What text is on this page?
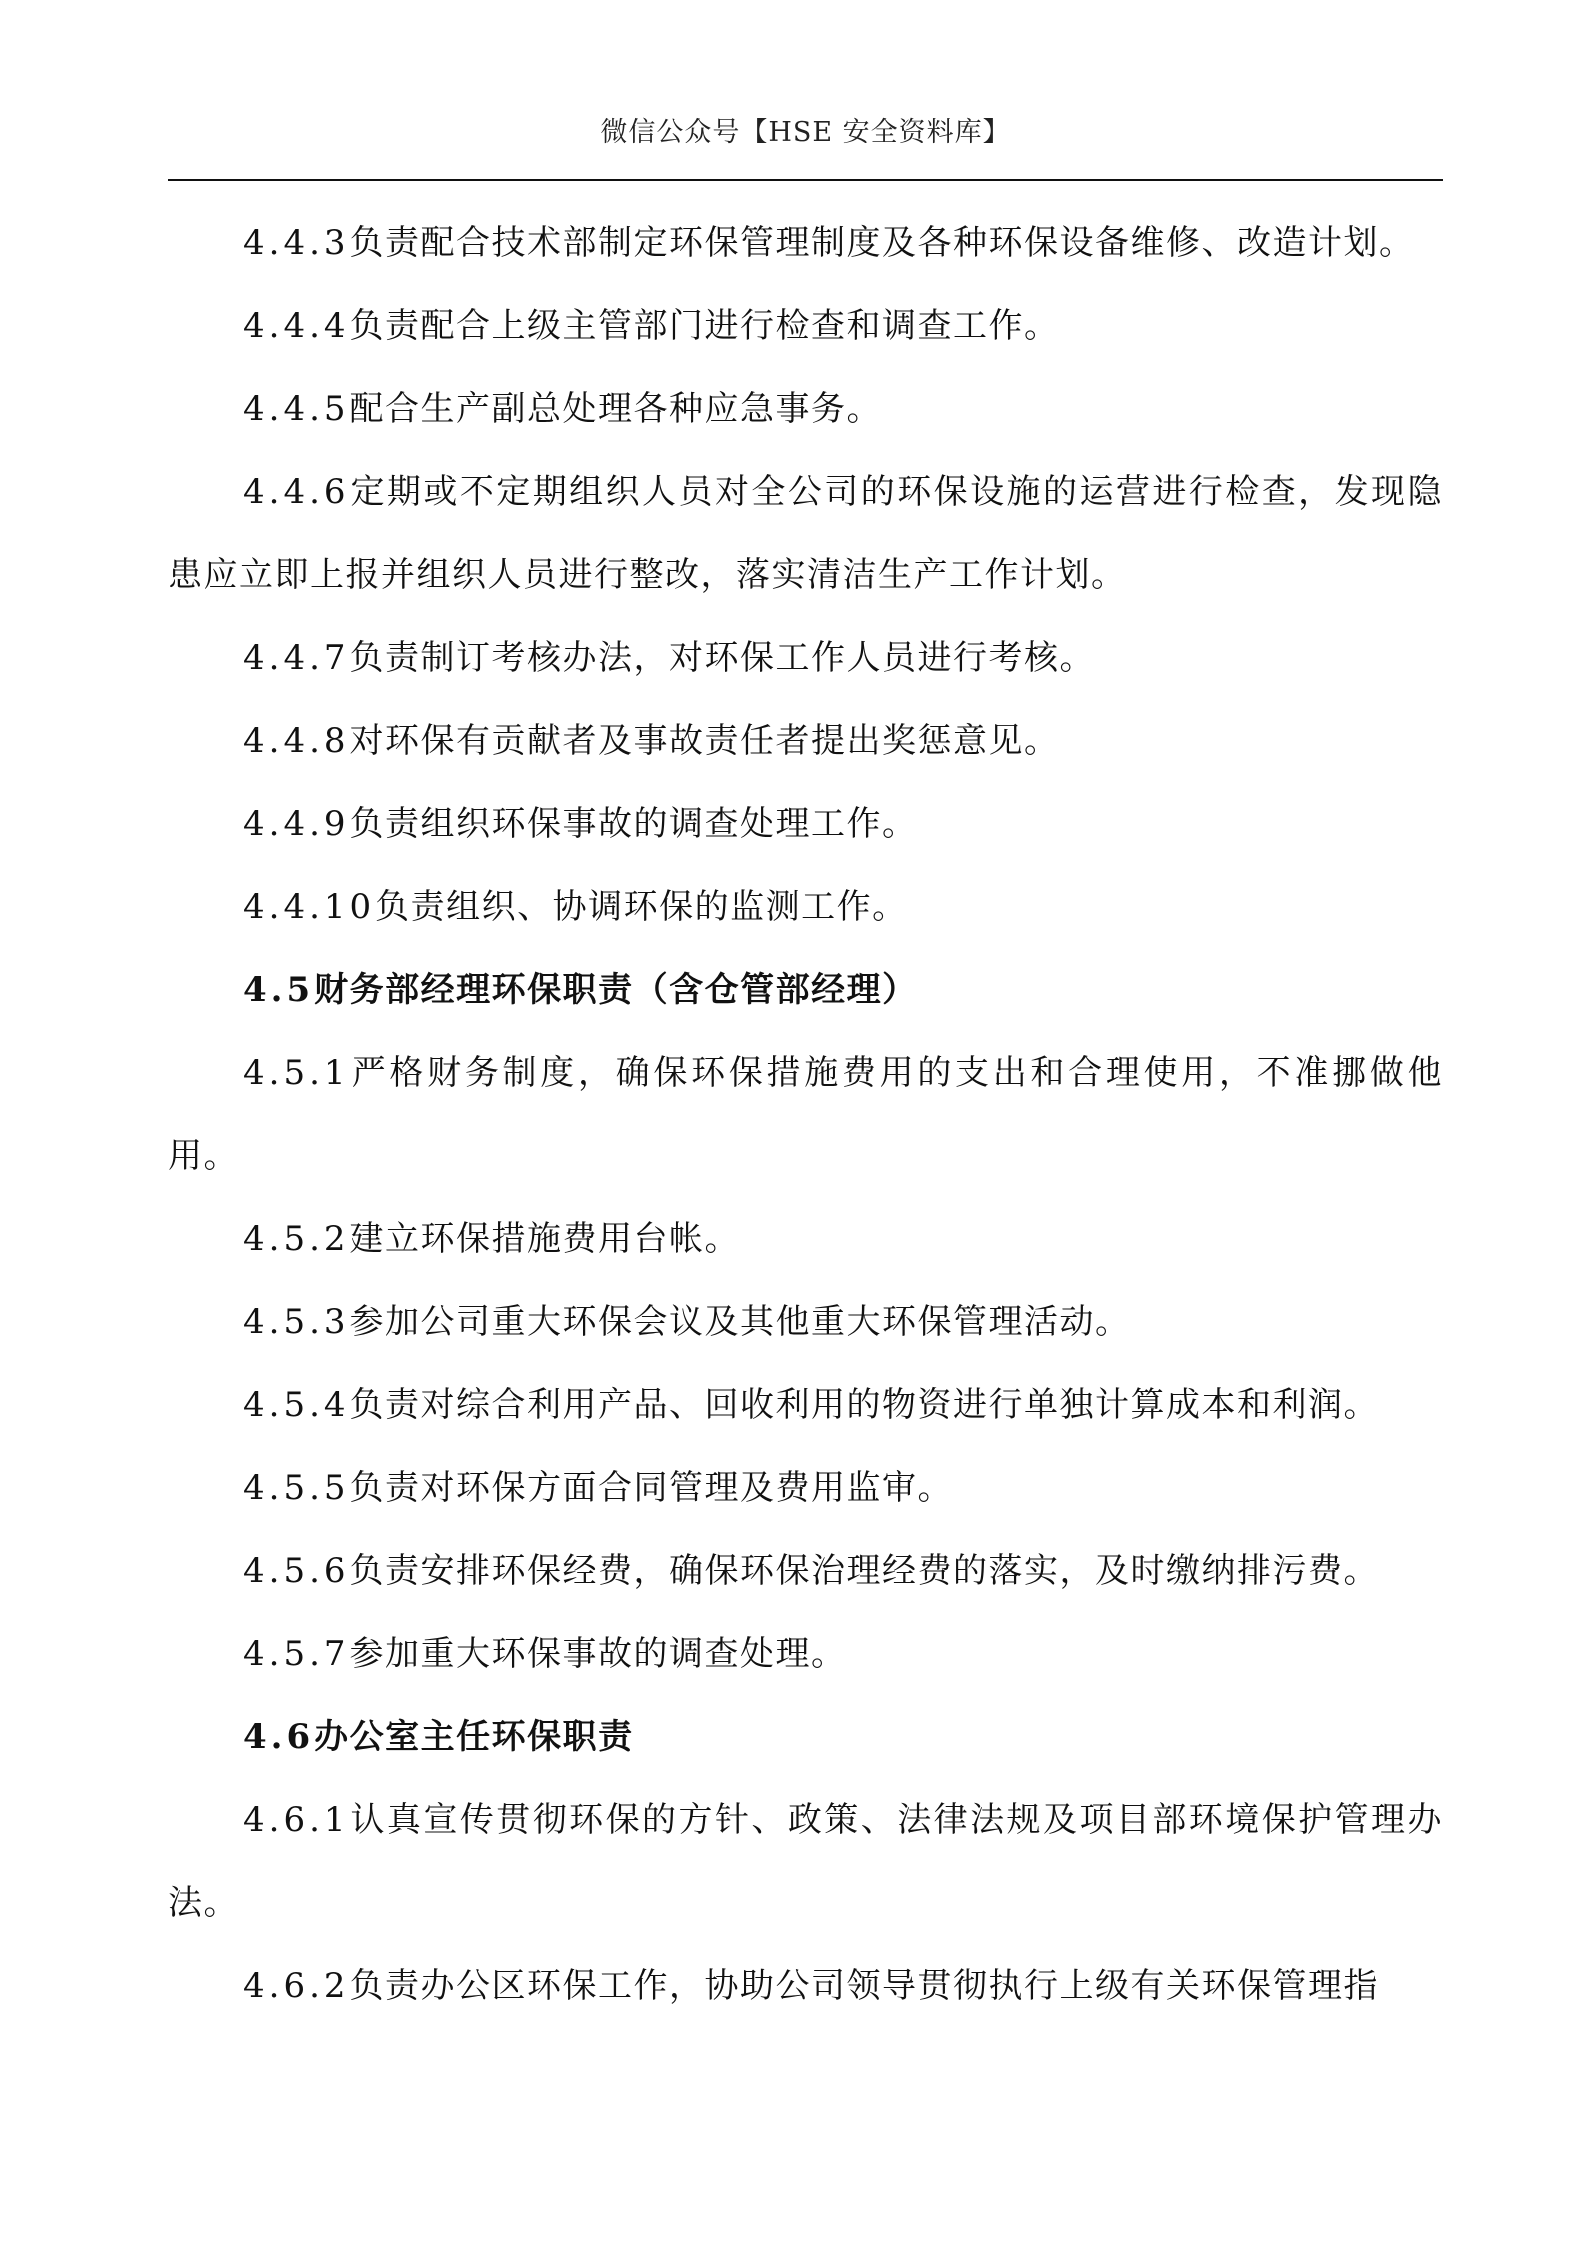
微信公众号【HSE 安全资料库】

4.4.3负责配合技术部制定环保管理制度及各种环保设备维修、改造计划。

4.4.4负责配合上级主管部门进行检查和调查工作。

4.4.5配合生产副总处理各种应急事务。

4.4.6定期或不定期组织人员对全公司的环保设施的运营进行检查，发现隐患应立即上报并组织人员进行整改，落实清洁生产工作计划。

4.4.7负责制订考核办法，对环保工作人员进行考核。

4.4.8对环保有贡献者及事故责任者提出奖惩意见。

4.4.9负责组织环保事故的调查处理工作。

4.4.10负责组织、协调环保的监测工作。

4.5财务部经理环保职责（含仓管部经理）

4.5.1严格财务制度，确保环保措施费用的支出和合理使用，不准挪做他用。

4.5.2建立环保措施费用台帐。

4.5.3参加公司重大环保会议及其他重大环保管理活动。

4.5.4负责对综合利用产品、回收利用的物资进行单独计算成本和利润。

4.5.5负责对环保方面合同管理及费用监审。

4.5.6负责安排环保经费，确保环保治理经费的落实，及时缴纳排污费。

4.5.7参加重大环保事故的调查处理。

4.6办公室主任环保职责

4.6.1认真宣传贯彻环保的方针、政策、法律法规及项目部环境保护管理办法。

4.6.2负责办公区环保工作，协助公司领导贯彻执行上级有关环保管理指
